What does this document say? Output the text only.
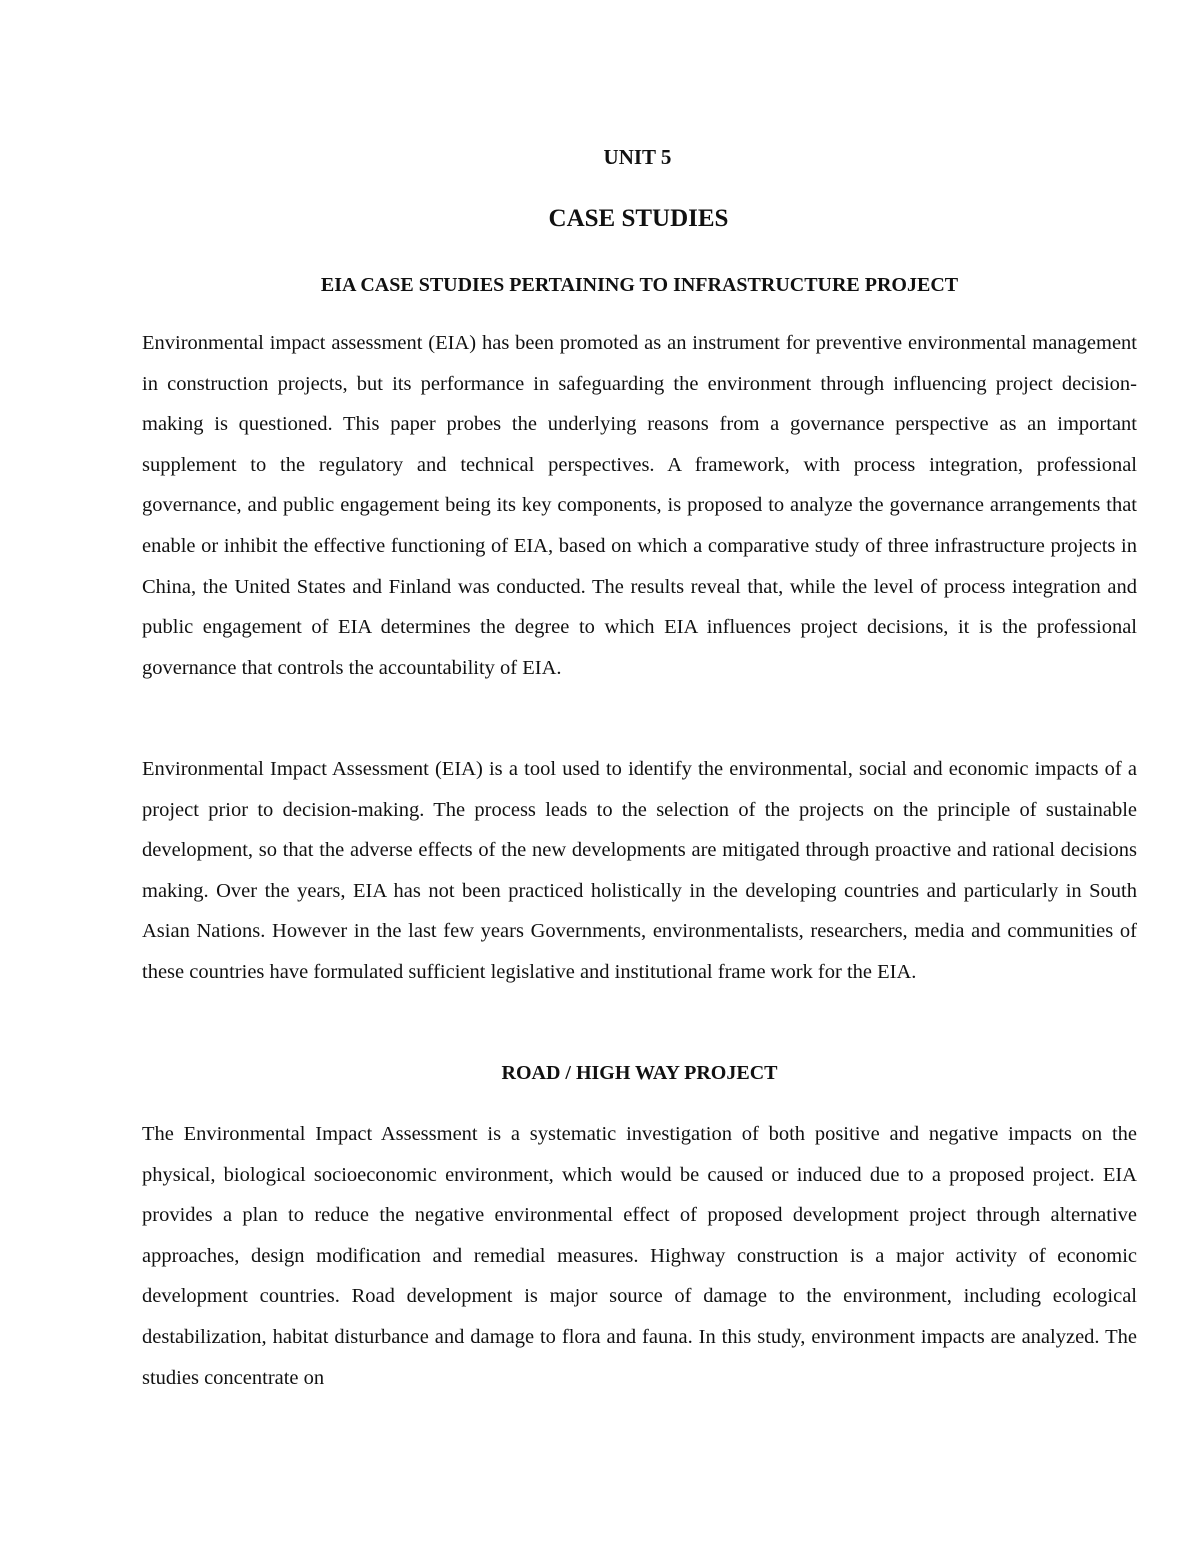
UNIT 5
CASE STUDIES
EIA CASE STUDIES PERTAINING TO INFRASTRUCTURE PROJECT

Environmental impact assessment (EIA) has been promoted as an instrument for preventive environmental management in construction projects, but its performance in safeguarding the environment through influencing project decision-making is questioned. This paper probes the underlying reasons from a governance perspective as an important supplement to the regulatory and technical perspectives. A framework, with process integration, professional governance, and public engagement being its key components, is proposed to analyze the governance arrangements that enable or inhibit the effective functioning of EIA, based on which a comparative study of three infrastructure projects in China, the United States and Finland was conducted. The results reveal that, while the level of process integration and public engagement of EIA determines the degree to which EIA influences project decisions, it is the professional governance that controls the accountability of EIA.

Environmental Impact Assessment (EIA) is a tool used to identify the environmental, social and economic impacts of a project prior to decision-making. The process leads to the selection of the projects on the principle of sustainable development, so that the adverse effects of the new developments are mitigated through proactive and rational decisions making. Over the years, EIA has not been practiced holistically in the developing countries and particularly in South Asian Nations. However in the last few years Governments, environmentalists, researchers, media and communities of these countries have formulated sufficient legislative and institutional frame work for the EIA.

ROAD / HIGH WAY PROJECT

The Environmental Impact Assessment is a systematic investigation of both positive and negative impacts on the physical, biological socioeconomic environment, which would be caused or induced due to a proposed project. EIA provides a plan to reduce the negative environmental effect of proposed development project through alternative approaches, design modification and remedial measures. Highway construction is a major activity of economic development countries. Road development is major source of damage to the environment, including ecological destabilization, habitat disturbance and damage to flora and fauna. In this study, environment impacts are analyzed. The studies concentrate on
